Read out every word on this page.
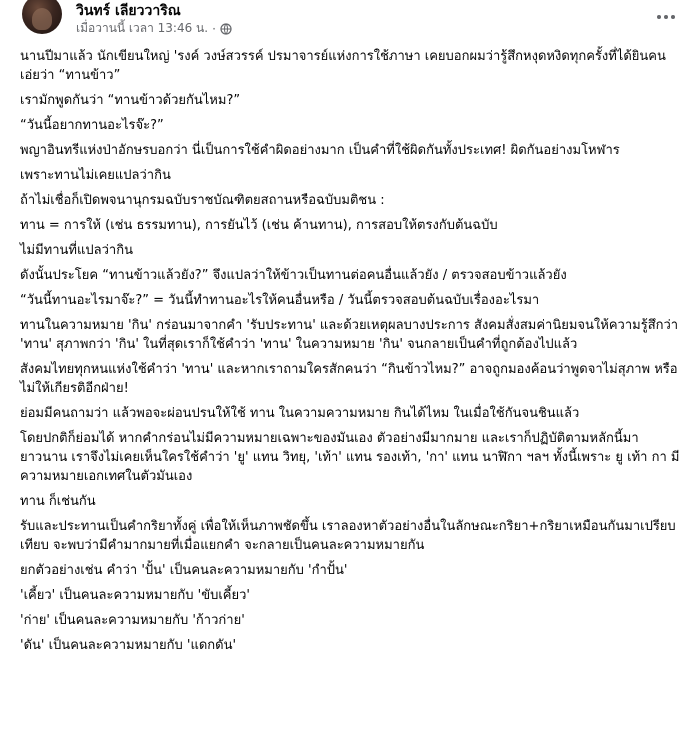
วินทร์ เลียววาริณ
เมื่อวานนี้ เวลา 13:46 น. ·

นานปีมาแล้ว นักเขียนใหญ่ 'รงค์ วงษ์สวรรค์ ปรมาจารย์แห่งการใช้ภาษา เคยบอกผมว่ารู้สึกหงุดหงิดทุกครั้งที่ได้ยินคนเอ่ยว่า “ทานข้าว”

เรามักพูดกันว่า “ทานข้าวด้วยกันไหม?”

“วันนี้อยากทานอะไรจ๊ะ?”

พญาอินทรีแห่งป่าอักษรบอกว่า นี่เป็นการใช้คำผิดอย่างมาก เป็นคำที่ใช้ผิดกันทั้งประเทศ! ผิดกันอย่างมโหฬาร

เพราะทานไม่เคยแปลว่ากิน

ถ้าไม่เชื่อก็เปิดพจนานุกรมฉบับราชบัณฑิตยสถานหรือฉบับมติชน :

ทาน = การให้ (เช่น ธรรมทาน), การยันไว้ (เช่น ค้านทาน), การสอบให้ตรงกับต้นฉบับ

ไม่มีทานที่แปลว่ากิน

ดังนั้นประโยค “ทานข้าวแล้วยัง?” จึงแปลว่าให้ข้าวเป็นทานต่อคนอื่นแล้วยัง / ตรวจสอบข้าวแล้วยัง

“วันนี้ทานอะไรมาจ๊ะ?” = วันนี้ทำทานอะไรให้คนอื่นหรือ / วันนี้ตรวจสอบต้นฉบับเรื่องอะไรมา

ทานในความหมาย 'กิน' กร่อนมาจากคำ 'รับประทาน' และด้วยเหตุผลบางประการ สังคมสั่งสมค่านิยมจนให้ความรู้สึกว่า 'ทาน' สุภาพกว่า 'กิน' ในที่สุดเราก็ใช้คำว่า 'ทาน' ในความหมาย 'กิน' จนกลายเป็นคำที่ถูกต้องไปแล้ว

สังคมไทยทุกหนแห่งใช้คำว่า 'ทาน' และหากเราถามใครสักคนว่า “กินข้าวไหม?” อาจถูกมองค้อนว่าพูดจาไม่สุภาพ หรือไม่ให้เกียรติอีกฝ่าย!

ย่อมมีคนถามว่า แล้วพอจะผ่อนปรนให้ใช้ ทาน ในความความหมาย กินได้ไหม ในเมื่อใช้กันจนชินแล้ว

โดยปกติก็ย่อมได้ หากคำกร่อนไม่มีความหมายเฉพาะของมันเอง ตัวอย่างมีมากมาย และเราก็ปฏิบัติตามหลักนี้มายาวนาน เราจึงไม่เคยเห็นใครใช้คำว่า 'ยู' แทน วิทยุ, 'เท้า' แทน รองเท้า, 'กา' แทน นาฬิกา ฯลฯ ทั้งนี้เพราะ ยู เท้า กา มีความหมายเอกเทศในตัวมันเอง

ทาน ก็เช่นกัน

รับและประทานเป็นคำกริยาทั้งคู่ เพื่อให้เห็นภาพชัดขึ้น เราลองหาตัวอย่างอื่นในลักษณะกริยา+กริยาเหมือนกันมาเปรียบเทียบ จะพบว่ามีคำมากมายที่เมื่อแยกคำ จะกลายเป็นคนละความหมายกัน

ยกตัวอย่างเช่น คำว่า 'ปั้น' เป็นคนละความหมายกับ 'กำปั้น'

'เคี้ยว' เป็นคนละความหมายกับ 'ขับเคี้ยว'

'ก่าย' เป็นคนละความหมายกับ 'ก้าวก่าย'

'ดัน' เป็นคนละความหมายกับ 'แดกดัน'
